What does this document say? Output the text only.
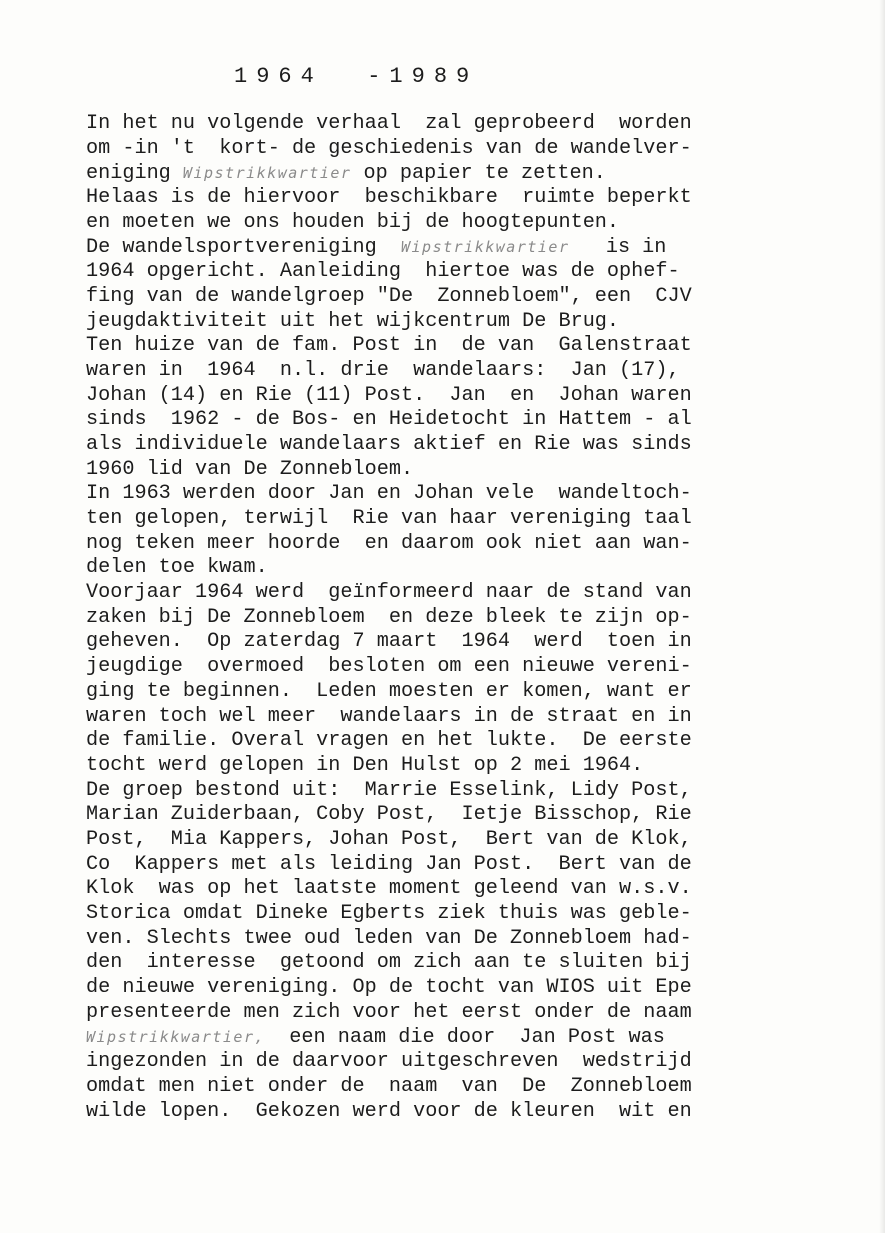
1964  -1989
In het nu volgende verhaal  zal geprobeerd  worden
om -in 't  kort- de geschiedenis van de wandelver-
eniging Wipstrikkwartier op papier te zetten.
Helaas is de hiervoor  beschikbare  ruimte beperkt
en moeten we ons houden bij de hoogtepunten.
De wandelsportvereniging  Wipstrikkwartier   is in
1964 opgericht. Aanleiding  hiertoe was de ophef-
fing van de wandelgroep "De  Zonnebloem", een  CJV
jeugdaktiviteit uit het wijkcentrum De Brug.
Ten huize van de fam. Post in  de van  Galenstraat
waren in  1964  n.l. drie  wandelaars:  Jan (17),
Johan (14) en Rie (11) Post.  Jan  en  Johan waren
sinds  1962 - de Bos- en Heidetocht in Hattem - al
als individuele wandelaars aktief en Rie was sinds
1960 lid van De Zonnebloem.
In 1963 werden door Jan en Johan vele  wandeltoch-
ten gelopen, terwijl  Rie van haar vereniging taal
nog teken meer hoorde  en daarom ook niet aan wan-
delen toe kwam.
Voorjaar 1964 werd  geïnformeerd naar de stand van
zaken bij De Zonnebloem  en deze bleek te zijn op-
geheven.  Op zaterdag 7 maart  1964  werd  toen in
jeugdige  overmoed  besloten om een nieuwe vereni-
ging te beginnen.  Leden moesten er komen, want er
waren toch wel meer  wandelaars in de straat en in
de familie. Overal vragen en het lukte.  De eerste
tocht werd gelopen in Den Hulst op 2 mei 1964.
De groep bestond uit:  Marrie Esselink, Lidy Post,
Marian Zuiderbaan, Coby Post,  Ietje Bisschop, Rie
Post,  Mia Kappers, Johan Post,  Bert van de Klok,
Co  Kappers met als leiding Jan Post.  Bert van de
Klok  was op het laatste moment geleend van w.s.v.
Storica omdat Dineke Egberts ziek thuis was geble-
ven. Slechts twee oud leden van De Zonnebloem had-
den  interesse  getoond om zich aan te sluiten bij
de nieuwe vereniging. Op de tocht van WIOS uit Epe
presenteerde men zich voor het eerst onder de naam
Wipstrikkwartier,  een naam die door  Jan Post was
ingezonden in de daarvoor uitgeschreven  wedstrijd
omdat men niet onder de  naam  van  De  Zonnebloem
wilde lopen.  Gekozen werd voor de kleuren  wit en
